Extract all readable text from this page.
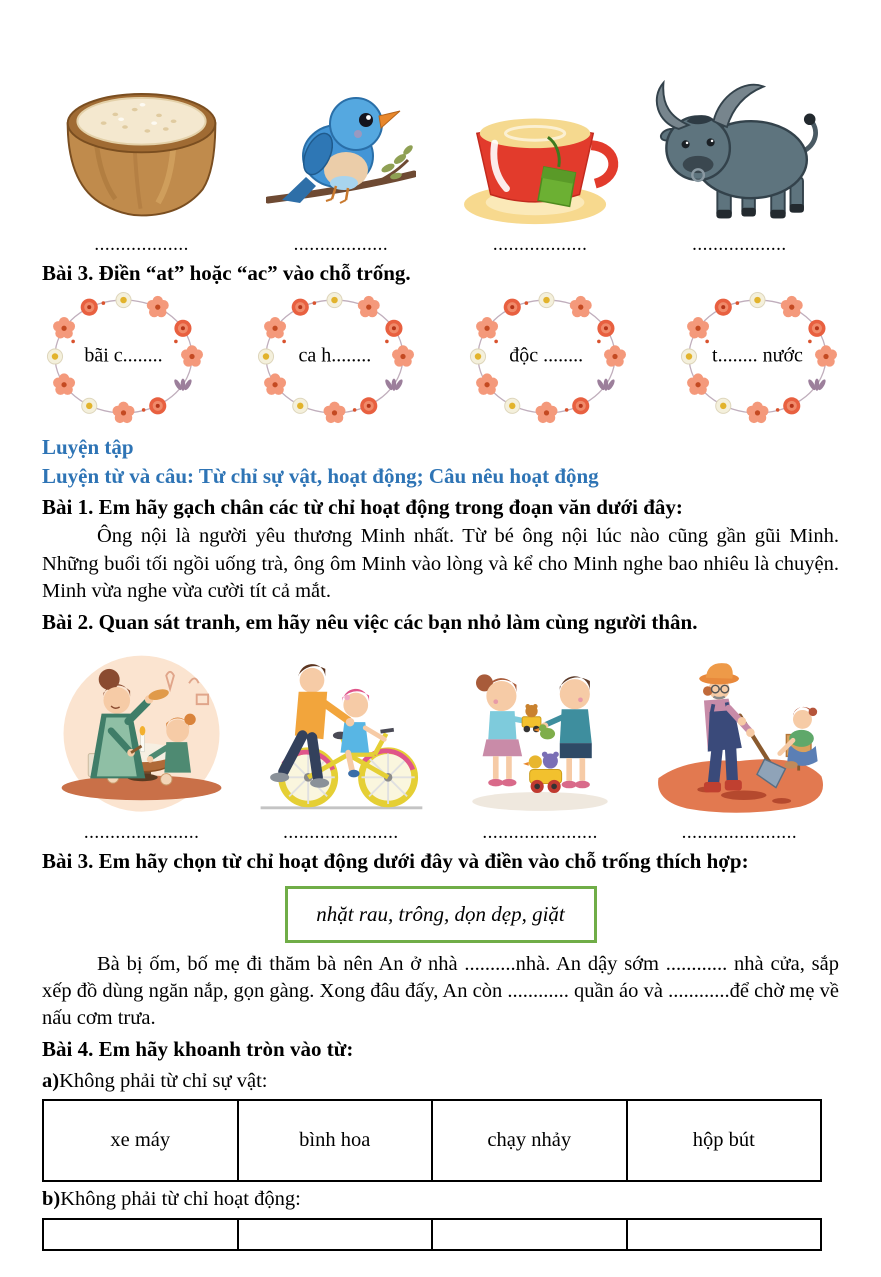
..................	..................	..................	..................
Bài 3. Điền “at” hoặc “ac” vào chỗ trống.
bãi c........	ca h........	độc ........	t........ nước
Luyện tập
Luyện từ và câu: Từ chỉ sự vật, hoạt động; Câu nêu hoạt động
Bài 1. Em hãy gạch chân các từ chỉ hoạt động trong đoạn văn dưới đây:

Ông nội là người yêu thương Minh nhất. Từ bé ông nội lúc nào cũng gần gũi Minh. Những buổi tối ngồi uống trà, ông ôm Minh vào lòng và kể cho Minh nghe bao nhiêu là chuyện. Minh vừa nghe vừa cười tít cả mắt.

Bài 2. Quan sát tranh, em hãy nêu việc các bạn nhỏ làm cùng người thân.
......................	......................	......................	......................
Bài 3. Em hãy chọn từ chỉ hoạt động dưới đây và điền vào chỗ trống thích hợp:
nhặt rau, trông, dọn dẹp, giặt

Bà bị ốm, bố mẹ đi thăm bà nên An ở nhà ..........nhà. An dậy sớm ............ nhà cửa, sắp xếp đồ dùng ngăn nắp, gọn gàng. Xong đâu đấy, An còn ............ quần áo và ............để chờ mẹ về nấu cơm trưa.

Bài 4. Em hãy khoanh tròn vào từ:
a)Không phải từ chỉ sự vật:
xe máy	bình hoa	chạy nhảy	hộp bút
b)Không phải từ chỉ hoạt động:
